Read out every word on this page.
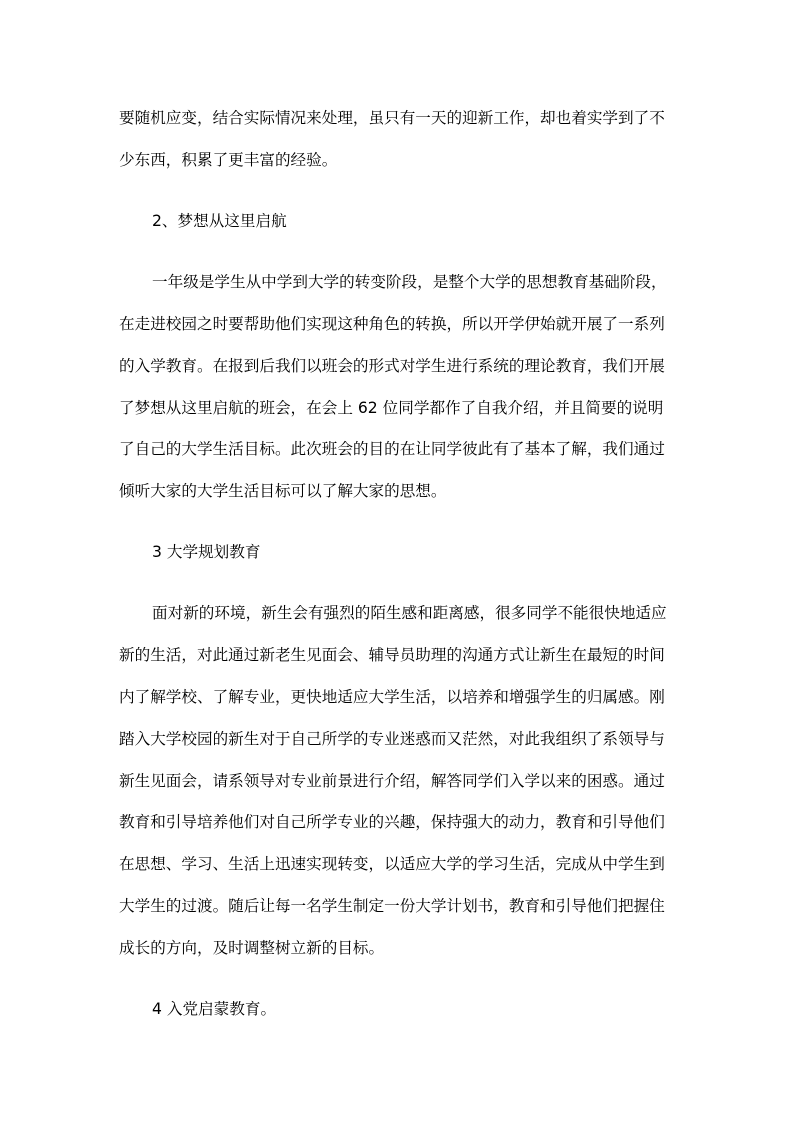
要随机应变，结合实际情况来处理，虽只有一天的迎新工作，却也着实学到了不

少东西，积累了更丰富的经验。

2、梦想从这里启航

一年级是学生从中学到大学的转变阶段，是整个大学的思想教育基础阶段，

在走进校园之时要帮助他们实现这种角色的转换，所以开学伊始就开展了一系列

的入学教育。在报到后我们以班会的形式对学生进行系统的理论教育，我们开展

了梦想从这里启航的班会，在会上 62 位同学都作了自我介绍，并且简要的说明

了自己的大学生活目标。此次班会的目的在让同学彼此有了基本了解，我们通过

倾听大家的大学生活目标可以了解大家的思想。

3 大学规划教育

面对新的环境，新生会有强烈的陌生感和距离感，很多同学不能很快地适应

新的生活，对此通过新老生见面会、辅导员助理的沟通方式让新生在最短的时间

内了解学校、了解专业，更快地适应大学生活，以培养和增强学生的归属感。刚

踏入大学校园的新生对于自己所学的专业迷惑而又茫然，对此我组织了系领导与

新生见面会，请系领导对专业前景进行介绍，解答同学们入学以来的困惑。通过

教育和引导培养他们对自己所学专业的兴趣，保持强大的动力，教育和引导他们

在思想、学习、生活上迅速实现转变，以适应大学的学习生活，完成从中学生到

大学生的过渡。随后让每一名学生制定一份大学计划书，教育和引导他们把握住

成长的方向，及时调整树立新的目标。

4 入党启蒙教育。
